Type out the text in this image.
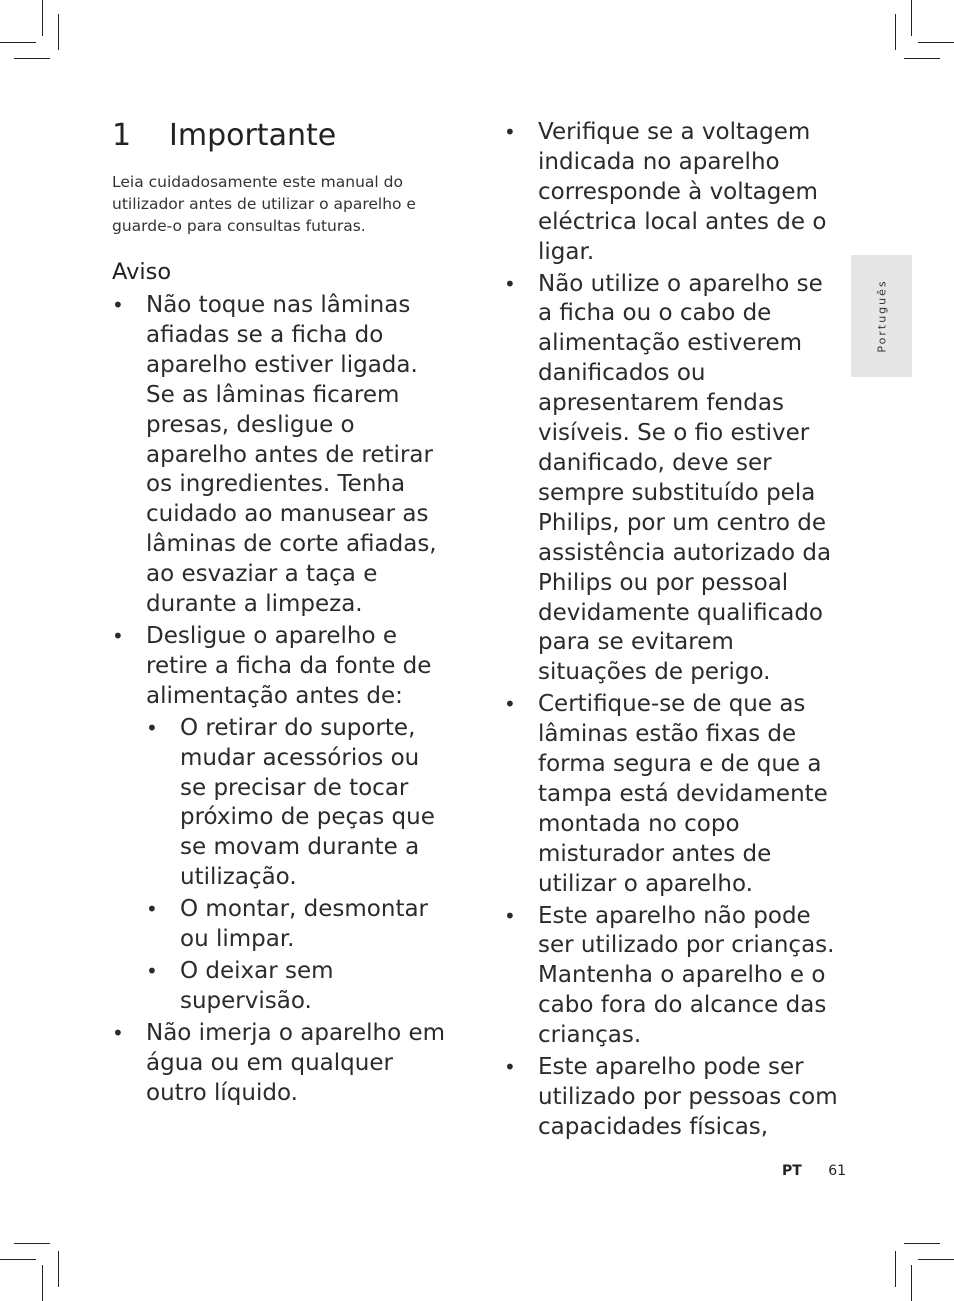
1	Importante

Leia cuidadosamente este manual do utilizador antes de utilizar o aparelho e guarde-o para consultas futuras.

Aviso
• Não toque nas lâminas afiadas se a ficha do aparelho estiver ligada. Se as lâminas ficarem presas, desligue o aparelho antes de retirar os ingredientes. Tenha cuidado ao manusear as lâminas de corte afiadas, ao esvaziar a taça e durante a limpeza.
• Desligue o aparelho e retire a ficha da fonte de alimentação antes de:
• O retirar do suporte, mudar acessórios ou se precisar de tocar próximo de peças que se movam durante a utilização.
• O montar, desmontar ou limpar.
• O deixar sem supervisão.
• Não imerja o aparelho em água ou em qualquer outro líquido.
• Verifique se a voltagem indicada no aparelho corresponde à voltagem eléctrica local antes de o ligar.
• Não utilize o aparelho se a ficha ou o cabo de alimentação estiverem danificados ou apresentarem fendas visíveis. Se o fio estiver danificado, deve ser sempre substituído pela Philips, por um centro de assistência autorizado da Philips ou por pessoal devidamente qualificado para se evitarem situações de perigo.
• Certifique-se de que as lâminas estão fixas de forma segura e de que a tampa está devidamente montada no copo misturador antes de utilizar o aparelho.
• Este aparelho não pode ser utilizado por crianças. Mantenha o aparelho e o cabo fora do alcance das crianças.
• Este aparelho pode ser utilizado por pessoas com capacidades físicas,
Português
PT 61
